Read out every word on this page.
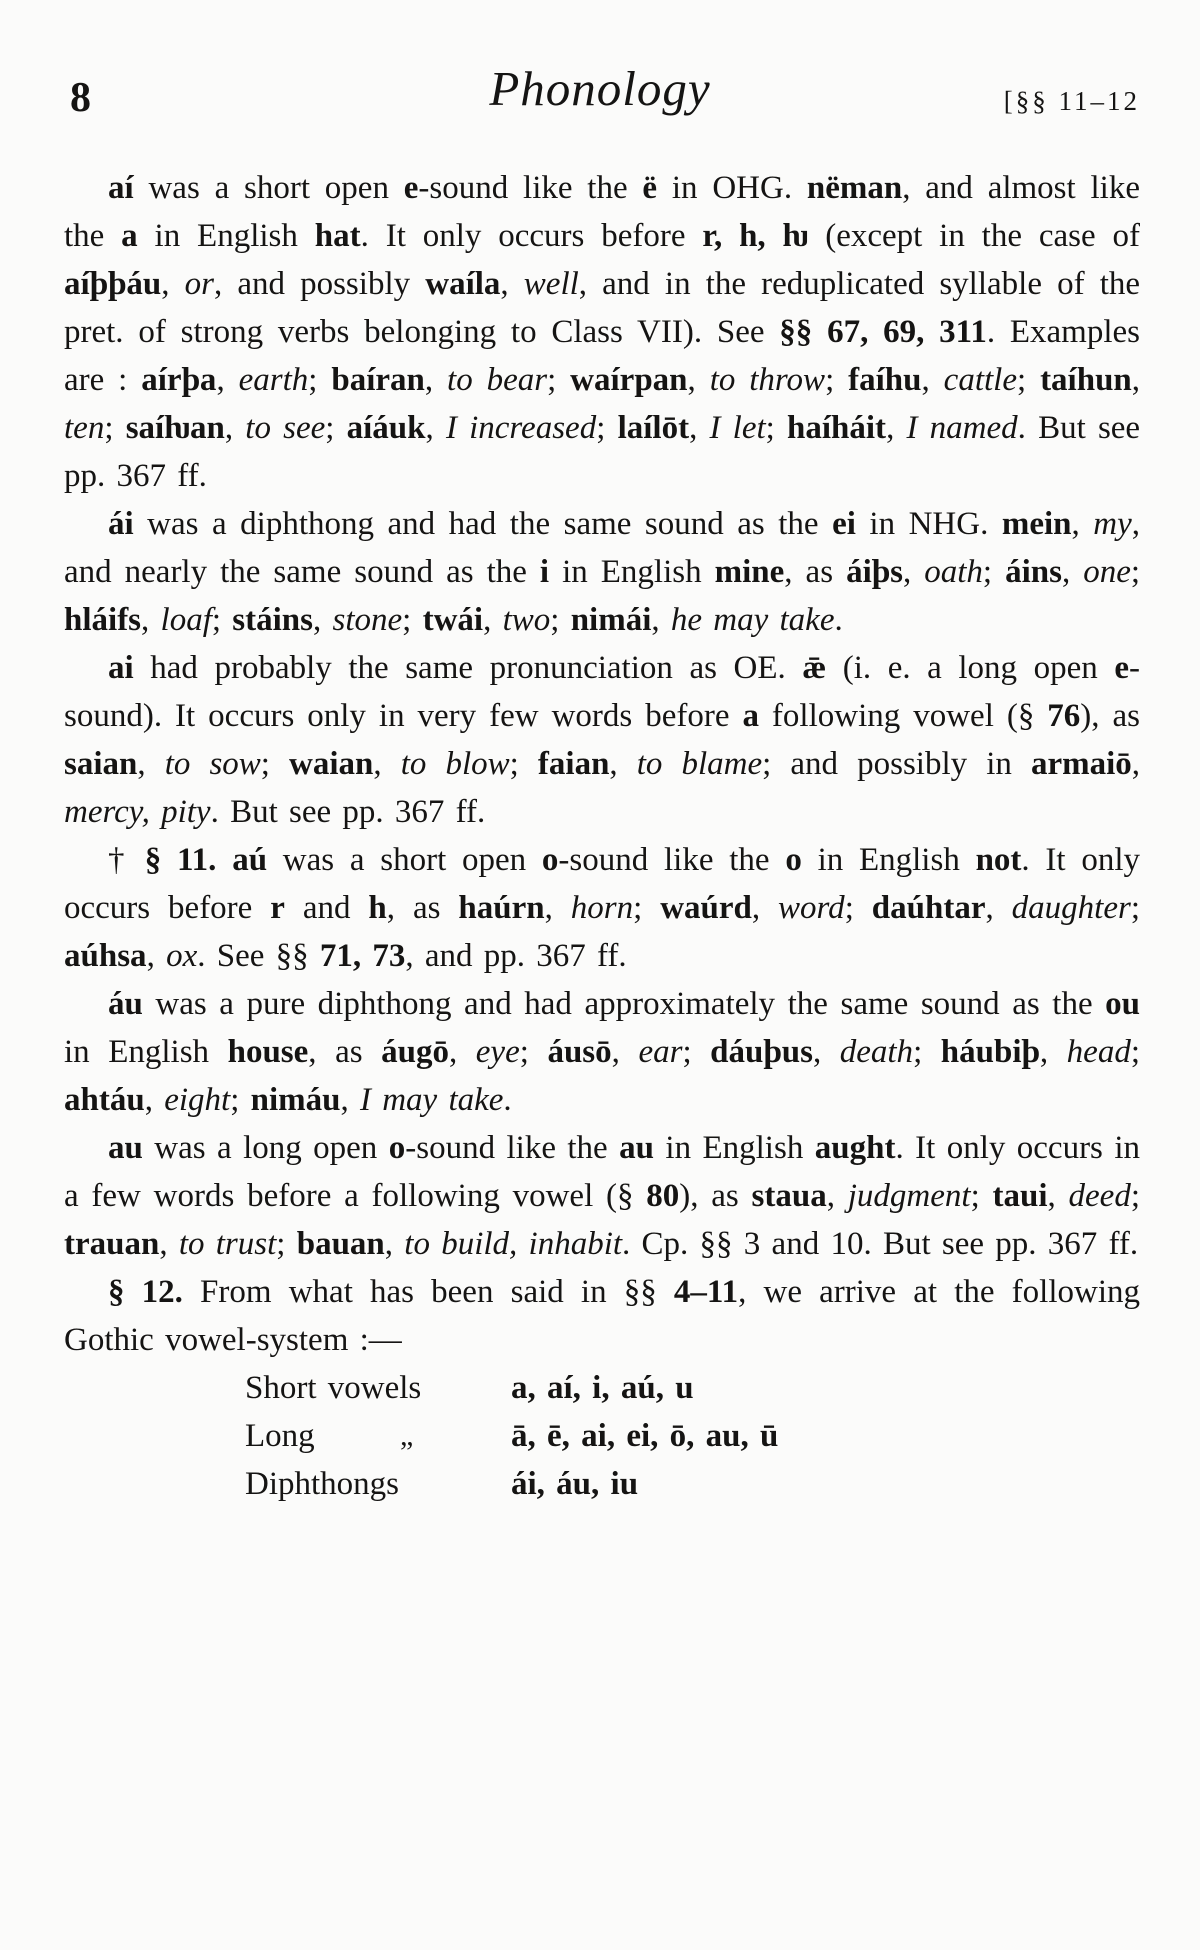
8	Phonology	[§§ 11–12

aí was a short open e-sound like the ë in OHG. nëman, and almost like the a in English hat. It only occurs before r, h, ƕ (except in the case of aíþþáu, or, and possibly waíla, well, and in the reduplicated syllable of the pret. of strong verbs belonging to Class VII). See §§ 67, 69, 311. Examples are : aírþa, earth; baíran, to bear; waírpan, to throw; faíhu, cattle; taíhun, ten; saíƕan, to see; aíáuk, I increased; laílōt, I let; haíháit, I named. But see pp. 367 ff.

ái was a diphthong and had the same sound as the ei in NHG. mein, my, and nearly the same sound as the i in English mine, as áiþs, oath; áins, one; hláifs, loaf; stáins, stone; twái, two; nimái, he may take.

ai had probably the same pronunciation as OE. ǣ (i. e. a long open e-sound). It occurs only in very few words before a following vowel (§ 76), as saian, to sow; waian, to blow; faian, to blame; and possibly in armaiō, mercy, pity. But see pp. 367 ff.

† § 11. aú was a short open o-sound like the o in English not. It only occurs before r and h, as haúrn, horn; waúrd, word; daúhtar, daughter; aúhsa, ox. See §§ 71, 73, and pp. 367 ff.

áu was a pure diphthong and had approximately the same sound as the ou in English house, as áugō, eye; áusō, ear; dáuþus, death; háubiþ, head; ahtáu, eight; nimáu, I may take.

au was a long open o-sound like the au in English aught. It only occurs in a few words before a following vowel (§ 80), as staua, judgment; taui, deed; trauan, to trust; bauan, to build, inhabit. Cp. §§ 3 and 10. But see pp. 367 ff.

§ 12. From what has been said in §§ 4–11, we arrive at the following Gothic vowel-system :—

Short vowels	a, aí, i, aú, u
Long	„	ā, ē, ai, ei, ō, au, ū
Diphthongs	ái, áu, iu
